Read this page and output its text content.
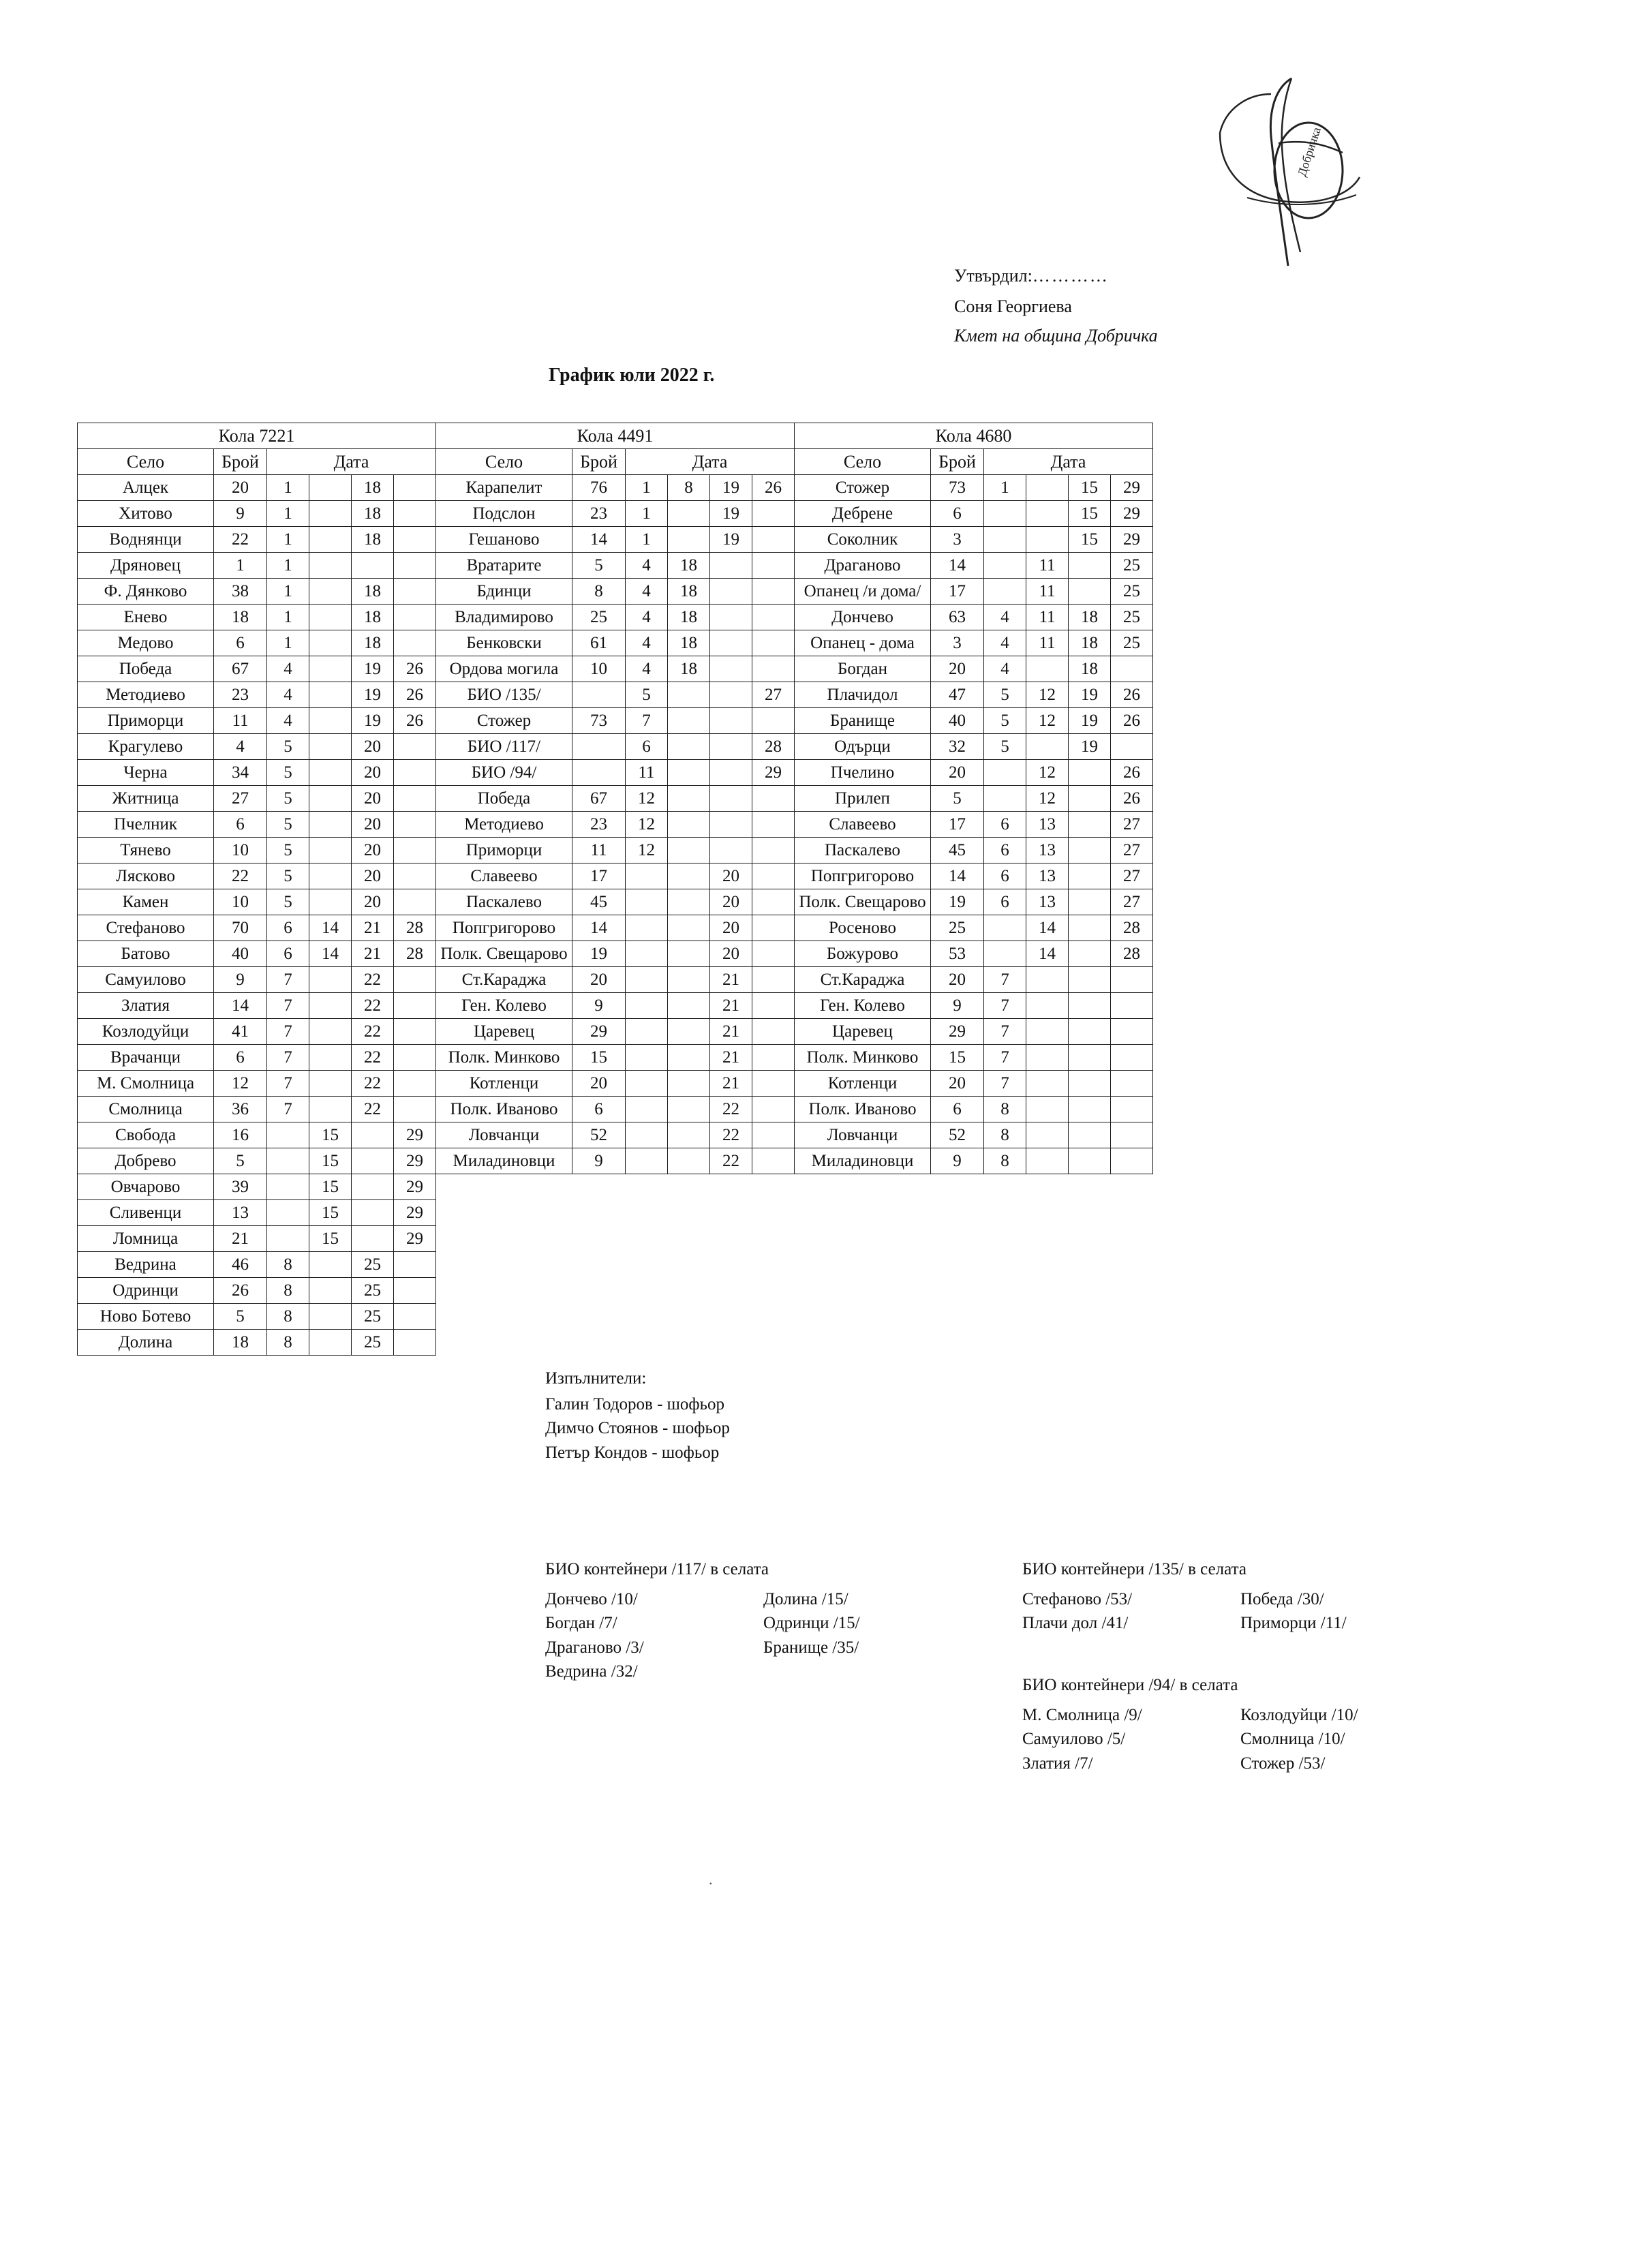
Добричка
Утвърдил:…………
Соня Георгиева
Кмет на община Добричка
График юли 2022 г.
Кола 7221						Кола 4491						Кола 4680					
Село	Брой	Дата				Село	Брой	Дата				Село	Брой	Дата			
Алцек	20	1		18		Карапелит	76	1	8	19	26	Стожер	73	1		15	29
Хитово	9	1		18		Подслон	23	1		19		Дебрене	6			15	29
Воднянци	22	1		18		Гешаново	14	1		19		Соколник	3			15	29
Дряновец	1	1				Вратарите	5	4	18			Драганово	14		11		25
Ф. Дянково	38	1		18		Бдинци	8	4	18			Опанец /и дома/	17		11		25
Енево	18	1		18		Владимирово	25	4	18			Дончево	63	4	11	18	25
Медово	6	1		18		Бенковски	61	4	18			Опанец - дома	3	4	11	18	25
Победа	67	4		19	26	Ордова могила	10	4	18			Богдан	20	4		18	
Методиево	23	4		19	26	БИО /135/		5			27	Плачидол	47	5	12	19	26
Приморци	11	4		19	26	Стожер	73	7				Бранище	40	5	12	19	26
Крагулево	4	5		20		БИО /117/		6			28	Одърци	32	5		19	
Черна	34	5		20		БИО /94/		11			29	Пчелино	20		12		26
Житница	27	5		20		Победа	67	12				Прилеп	5		12		26
Пчелник	6	5		20		Методиево	23	12				Славеево	17	6	13		27
Тянево	10	5		20		Приморци	11	12				Паскалево	45	6	13		27
Лясково	22	5		20		Славеево	17			20		Попгригорово	14	6	13		27
Камен	10	5		20		Паскалево	45			20		Полк. Свещарово	19	6	13		27
Стефаново	70	6	14	21	28	Попгригорово	14			20		Росеново	25		14		28
Батово	40	6	14	21	28	Полк. Свещарово	19			20		Божурово	53		14		28
Самуилово	9	7		22		Ст.Караджа	20			21		Ст.Караджа	20	7			
Златия	14	7		22		Ген. Колево	9			21		Ген. Колево	9	7			
Козлодуйци	41	7		22		Царевец	29			21		Царевец	29	7			
Врачанци	6	7		22		Полк. Минково	15			21		Полк. Минково	15	7			
М. Смолница	12	7		22		Котленци	20			21		Котленци	20	7			
Смолница	36	7		22		Полк. Иваново	6			22		Полк. Иваново	6	8			
Свобода	16		15		29	Ловчанци	52			22		Ловчанци	52	8			
Добрево	5		15		29	Миладиновци	9			22		Миладиновци	9	8			
Овчарово	39		15		29												
Сливенци	13		15		29												
Ломница	21		15		29												
Ведрина	46	8		25													
Одринци	26	8		25													
Ново Ботево	5	8		25													
Долина	18	8		25													
Изпълнители:
Галин Тодоров - шофьор
Димчо Стоянов - шофьор
Петър Кондов - шофьор
БИО контейнери /117/ в селата
Дончево /10/	Долина /15/
Богдан /7/	Одринци /15/
Драганово /3/	Бранище /35/
Ведрина /32/
БИО контейнери /135/ в селата
Стефаново /53/	Победа /30/
Плачи дол /41/	Приморци /11/
БИО контейнери /94/ в селата
М. Смолница /9/	Козлодуйци /10/
Самуилово /5/	Смолница /10/
Златия /7/	Стожер /53/
.
